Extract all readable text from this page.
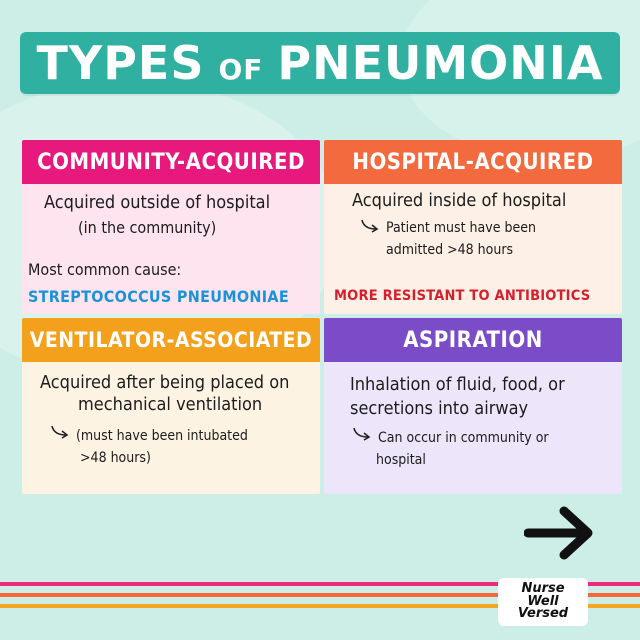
TYPES OF PNEUMONIA
COMMUNITY-ACQUIRED
Acquired outside of hospital
(in the community)
Most common cause:
STREPTOCOCCUS PNEUMONIAE
HOSPITAL-ACQUIRED
Acquired inside of hospital
Patient must have been
admitted >48 hours
MORE RESISTANT TO ANTIBIOTICS
VENTILATOR-ASSOCIATED
Acquired after being placed on
mechanical ventilation
(must have been intubated
>48 hours)
ASPIRATION
Inhalation of fluid, food, or
secretions into airway
Can occur in community or
hospital
Nurse
Well
Versed
